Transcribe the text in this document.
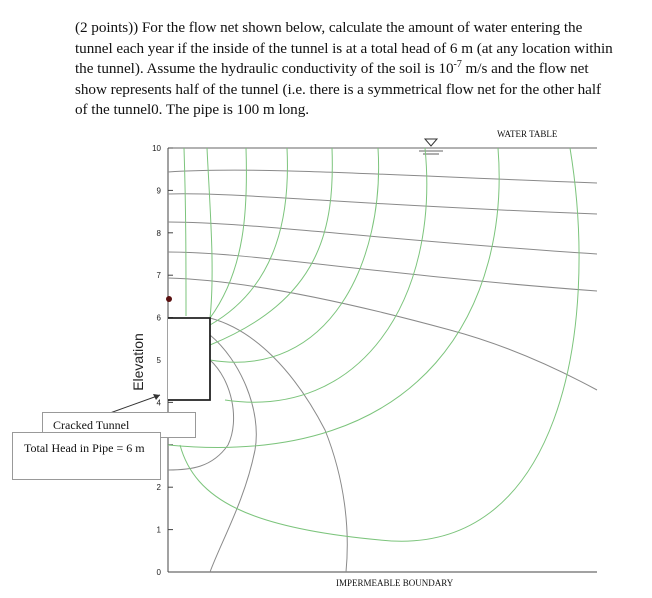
(2 points)) For the flow net shown below, calculate the amount of water entering the tunnel each year if the inside of the tunnel is at a total head of 6 m (at any location within the tunnel). Assume the hydraulic conductivity of the soil is $10^{-7}$ m/s and the flow net show represents half of the tunnel (i.e. there is a symmetrical flow net for the other half of the tunnel0. The pipe is 100 m long.
0
1
2
4
5
6
7
8
9
10
WATER TABLE
IMPERMEABLE BOUNDARY
Elevation
Cracked Tunnel
Total Head in Pipe = 6 m
